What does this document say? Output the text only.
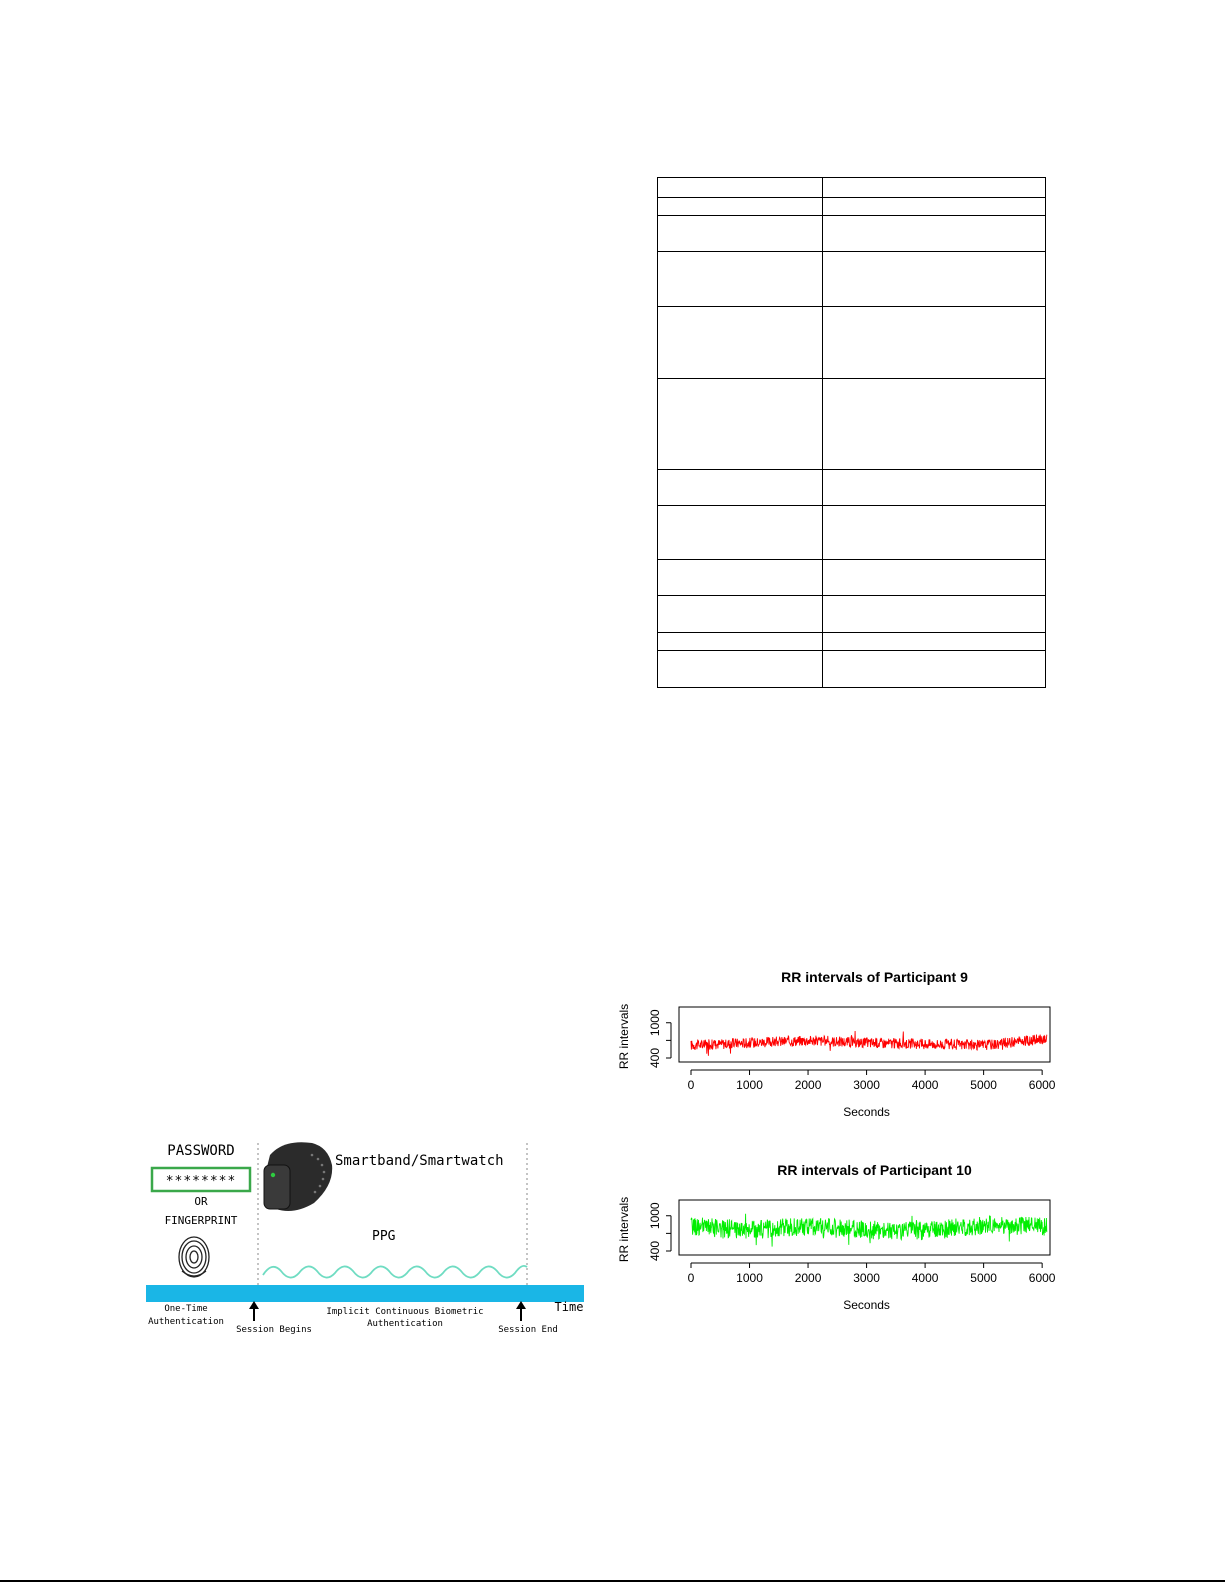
PASSWORD
********
OR
FINGERPRINT
Smartband/Smartwatch
PPG
Time
One-Time
Authentication
Session Begins
Implicit Continuous Biometric
Authentication
Session End
RR intervals of Participant 9
0	1000	2000	3000	4000	5000	6000
Seconds
400
1000
RR intervals
RR intervals of Participant 10
0	1000	2000	3000	4000	5000	6000
Seconds
400
1000
RR intervals
